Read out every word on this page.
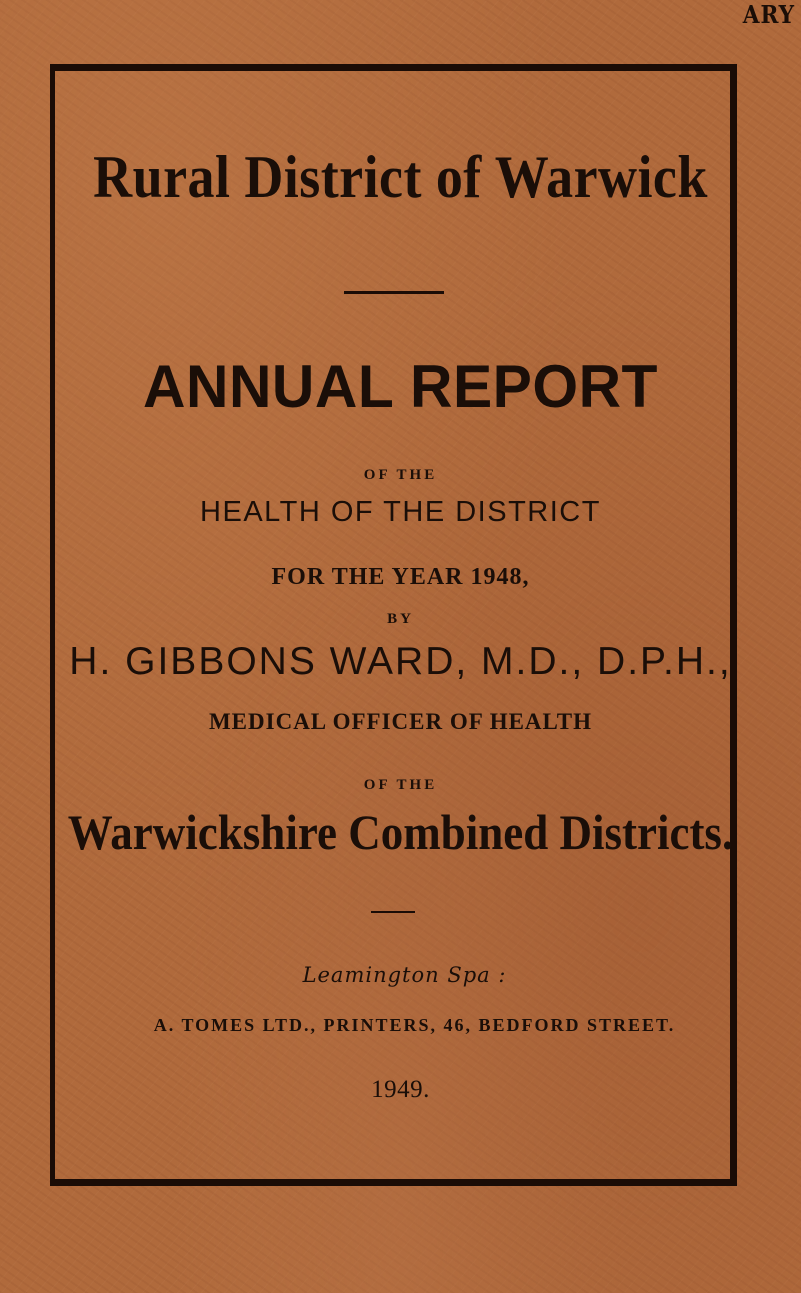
ARY
Rural District of Warwick
ANNUAL REPORT
OF THE
HEALTH OF THE DISTRICT
FOR THE YEAR 1948,
BY
H. GIBBONS WARD, M.D., D.P.H.,
MEDICAL OFFICER OF HEALTH
OF THE
Warwickshire Combined Districts.
Leamington Spa :
A. TOMES LTD., PRINTERS, 46, BEDFORD STREET.
1949.
